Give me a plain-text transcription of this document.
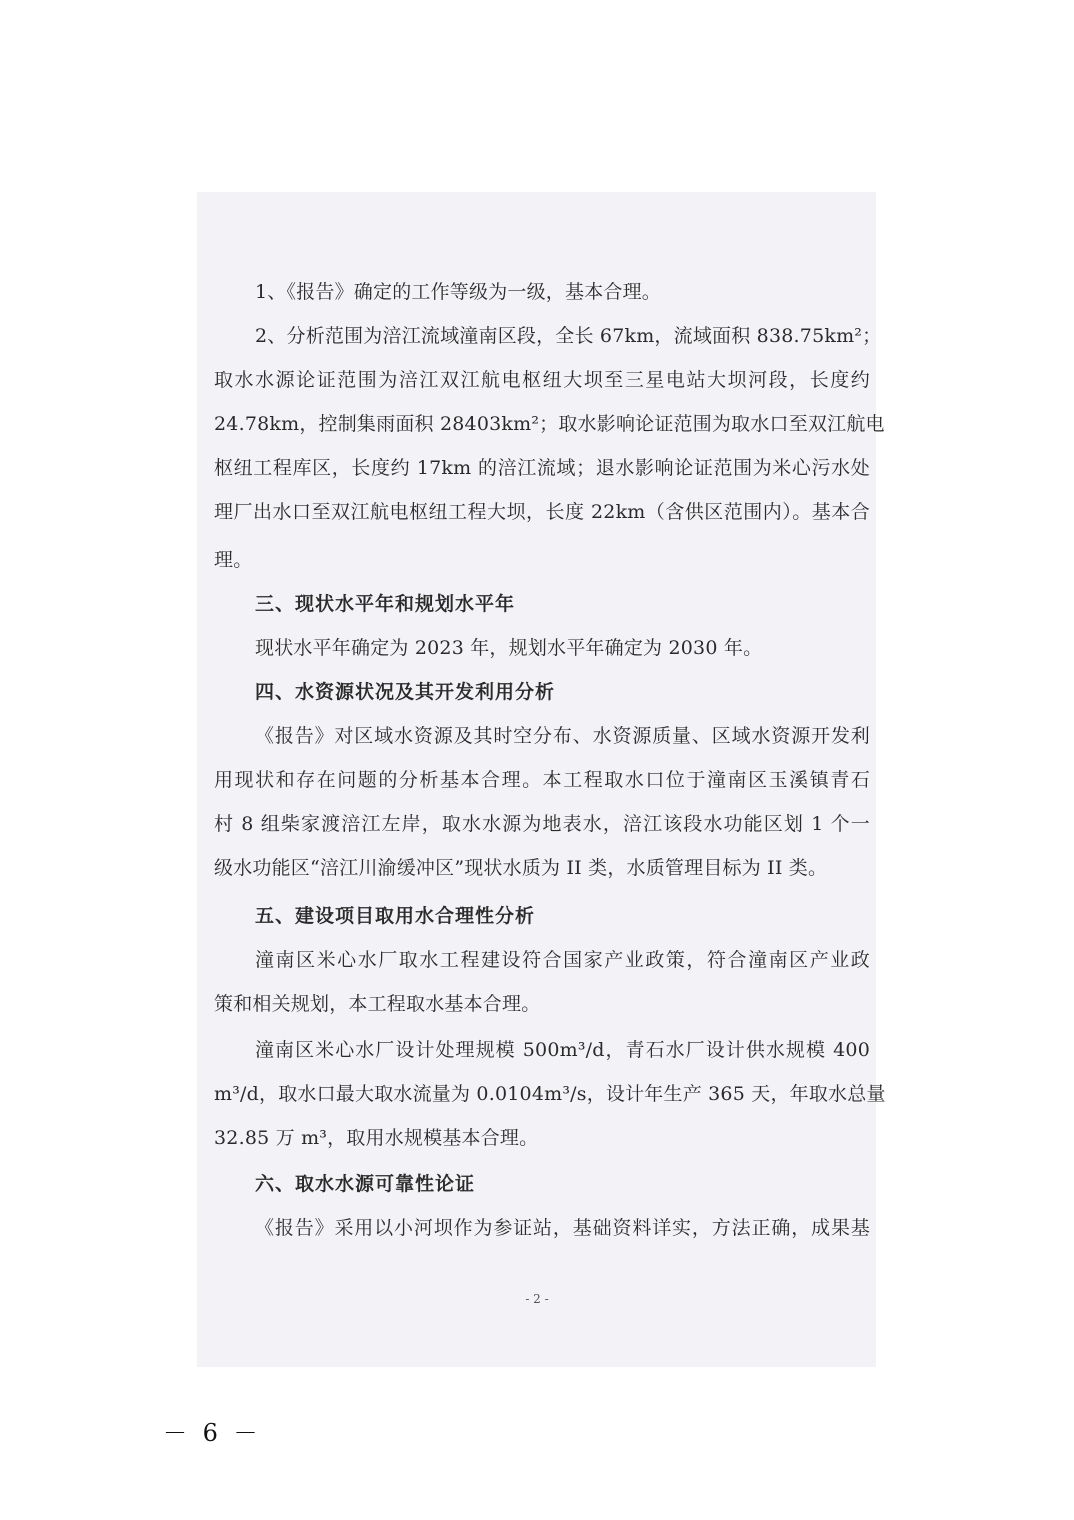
1、《报告》确定的工作等级为一级，基本合理。
2、分析范围为涪江流域潼南区段，全长 67km，流域面积 838.75km²；
取水水源论证范围为涪江双江航电枢纽大坝至三星电站大坝河段，长度约
24.78km，控制集雨面积 28403km²；取水影响论证范围为取水口至双江航电
枢纽工程库区，长度约 17km 的涪江流域；退水影响论证范围为米心污水处
理厂出水口至双江航电枢纽工程大坝，长度 22km（含供区范围内）。基本合
理。
三、现状水平年和规划水平年
现状水平年确定为 2023 年，规划水平年确定为 2030 年。
四、水资源状况及其开发利用分析
《报告》对区域水资源及其时空分布、水资源质量、区域水资源开发利
用现状和存在问题的分析基本合理。本工程取水口位于潼南区玉溪镇青石
村 8 组柴家渡涪江左岸，取水水源为地表水，涪江该段水功能区划 1 个一
级水功能区“涪江川渝缓冲区”现状水质为 II 类，水质管理目标为 II 类。
五、建设项目取用水合理性分析
潼南区米心水厂取水工程建设符合国家产业政策，符合潼南区产业政
策和相关规划，本工程取水基本合理。
潼南区米心水厂设计处理规模 500m³/d，青石水厂设计供水规模 400
m³/d，取水口最大取水流量为 0.0104m³/s，设计年生产 365 天，年取水总量
32.85 万 m³，取用水规模基本合理。
六、取水水源可靠性论证
《报告》采用以小河坝作为参证站，基础资料详实，方法正确，成果基
- 2 -
－ 6 －
